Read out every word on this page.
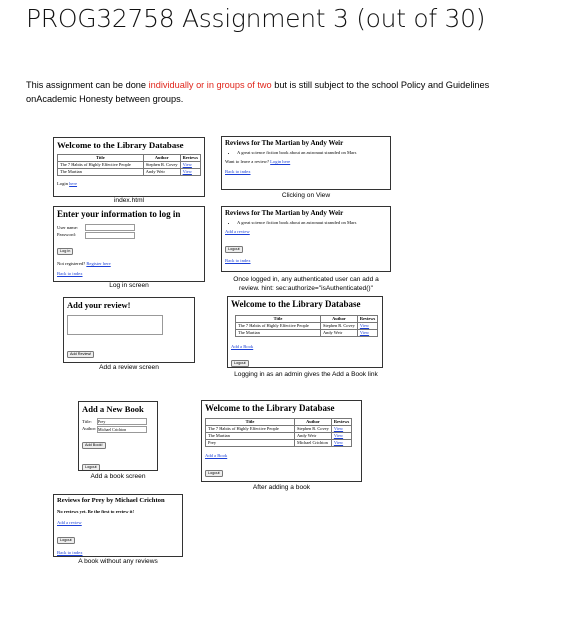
PROG32758 Assignment 3 (out of 30)
This assignment can be done individually or in groups of two but is still subject to the school Policy and Guidelines onAcademic Honesty between groups.
Welcome to the Library Database
Title	Author	Reviews
The 7 Habits of Highly Effective People	Stephen R. Covey	View
The Martian	Andy Weir	View
Login here
index.html
Reviews for The Martian by Andy Weir
• A great science fiction book about an astronaut stranded on Mars
Want to leave a review? Login here
Back to index
Clicking on View
Enter your information to log in
User name:
Password:
Log in
Not registered? Register here
Back to index
Log in screen
Reviews for The Martian by Andy Weir
• A great science fiction book about an astronaut stranded on Mars
Add a review
Logout
Back to index
Once logged in, any authenticated user can add a
review. hint: sec:authorize="isAuthenticated()"
Add your review!
Add Review!
Add a review screen
Welcome to the Library Database
Title	Author	Reviews
The 7 Habits of Highly Effective People	Stephen R. Covey	View
The Martian	Andy Weir	View
Add a Book
Logout
Logging in as an admin gives the Add a Book link
Add a New Book
Title: Prey
Author: Michael Crichton
Add Book!
Logout
Add a book screen
Welcome to the Library Database
Title	Author	Reviews
The 7 Habits of Highly Effective People	Stephen R. Covey	View
The Martian	Andy Weir	View
Prey	Michael Crichton	View
Add a Book
Logout
After adding a book
Reviews for Prey by Michael Crichton
No reviews yet. Be the first to review it!
Add a review
Logout
Back to index
A book without any reviews
